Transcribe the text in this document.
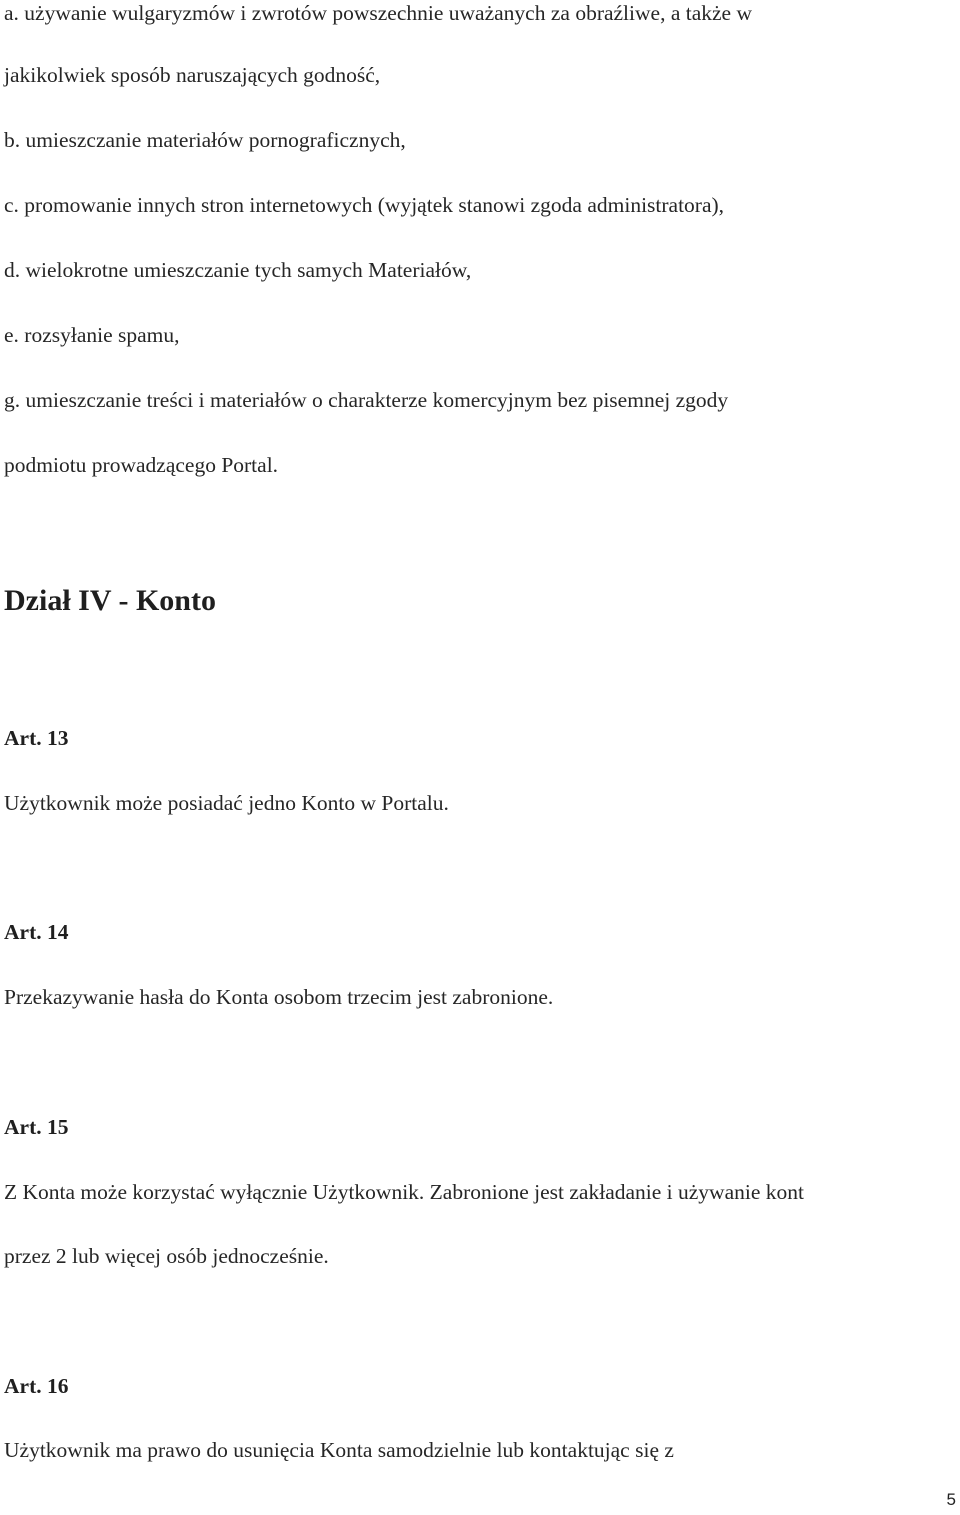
a. używanie wulgaryzmów i zwrotów powszechnie uważanych za obraźliwe, a także w
jakikolwiek sposób naruszających godność,
b. umieszczanie materiałów pornograficznych,
c. promowanie innych stron internetowych (wyjątek stanowi zgoda administratora),
d. wielokrotne umieszczanie tych samych Materiałów,
e. rozsyłanie spamu,
g. umieszczanie treści i materiałów o charakterze komercyjnym bez pisemnej zgody
podmiotu prowadzącego Portal.
Dział IV - Konto
Art. 13
Użytkownik może posiadać jedno Konto w Portalu.
Art. 14
Przekazywanie hasła do Konta osobom trzecim jest zabronione.
Art. 15
Z Konta może korzystać wyłącznie Użytkownik. Zabronione jest zakładanie i używanie kont
przez 2 lub więcej osób jednocześnie.
Art. 16
Użytkownik ma prawo do usunięcia Konta samodzielnie lub kontaktując się z
5
